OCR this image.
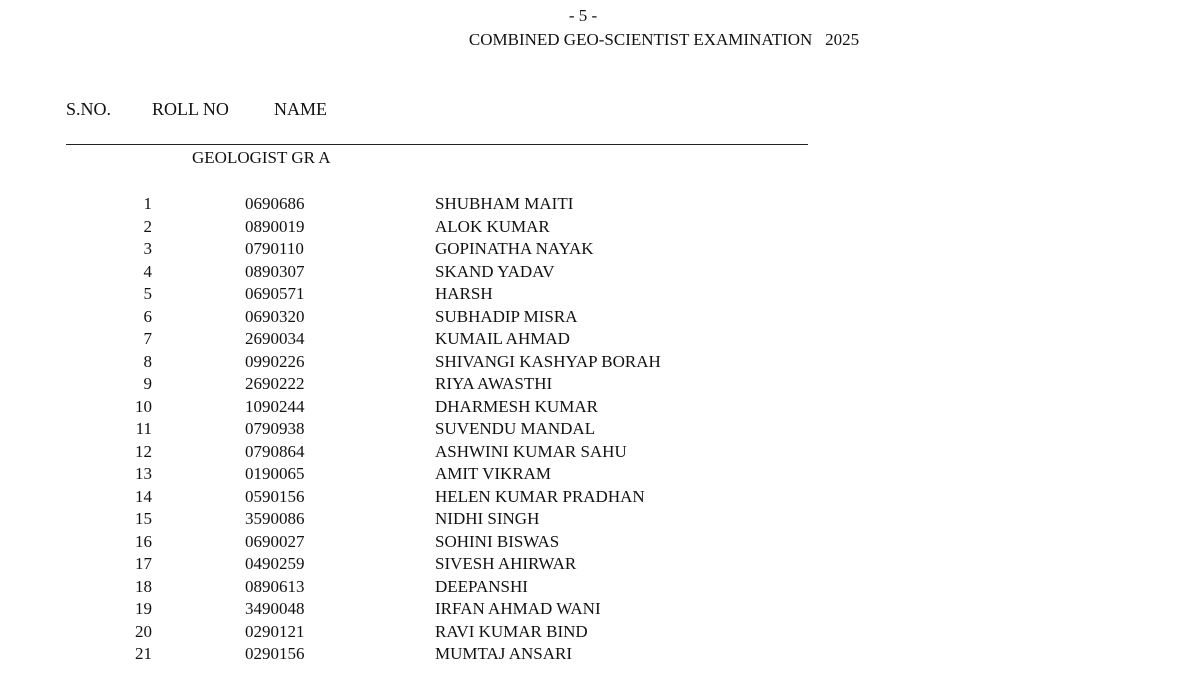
- 5 -
COMBINED GEO-SCIENTIST EXAMINATION   2025
S.NO. ROLL NO	NAME
GEOLOGIST GR A
1	0690686	SHUBHAM MAITI
2	0890019	ALOK KUMAR
3	0790110	GOPINATHA NAYAK
4	0890307	SKAND YADAV
5	0690571	HARSH
6	0690320	SUBHADIP MISRA
7	2690034	KUMAIL AHMAD
8	0990226	SHIVANGI KASHYAP BORAH
9	2690222	RIYA AWASTHI
10	1090244	DHARMESH KUMAR
11	0790938	SUVENDU MANDAL
12	0790864	ASHWINI KUMAR SAHU
13	0190065	AMIT VIKRAM
14	0590156	HELEN KUMAR PRADHAN
15	3590086	NIDHI SINGH
16	0690027	SOHINI BISWAS
17	0490259	SIVESH AHIRWAR
18	0890613	DEEPANSHI
19	3490048	IRFAN AHMAD WANI
20	0290121	RAVI KUMAR BIND
21	0290156	MUMTAJ ANSARI
